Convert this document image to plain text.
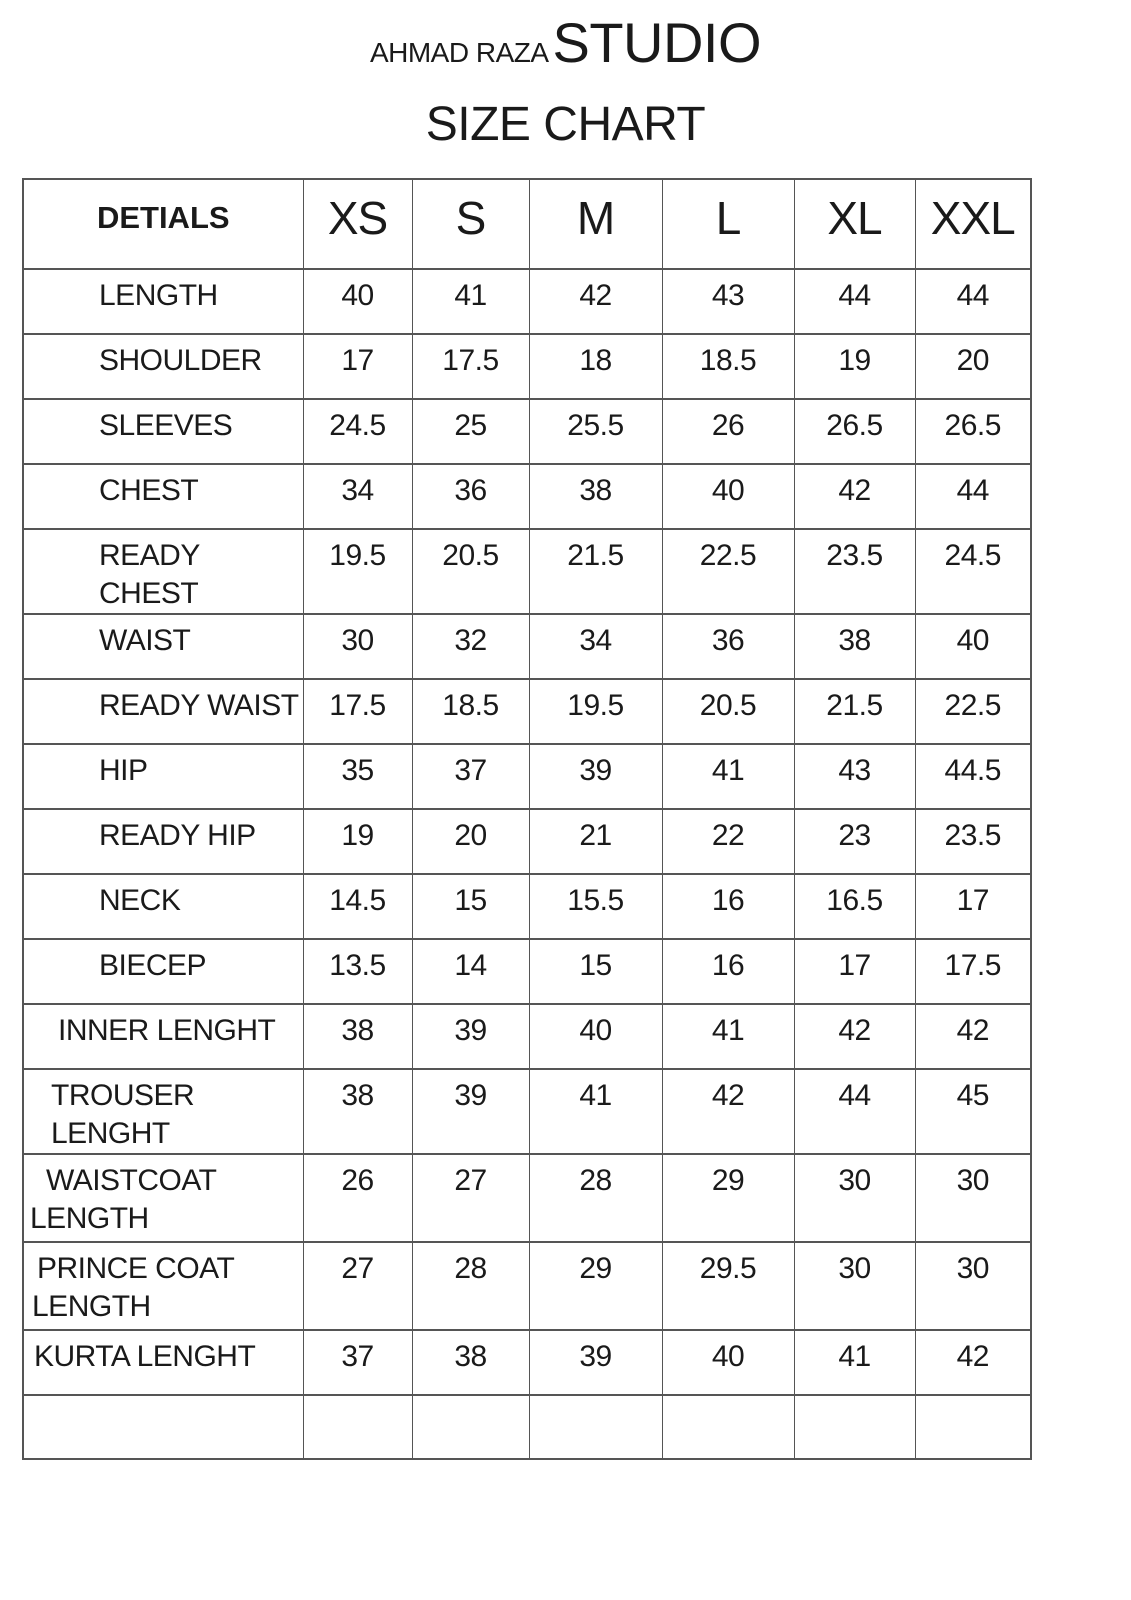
AHMAD RAZA STUDIO
SIZE CHART
DETIALS	XS	S	M	L	XL	XXL
LENGTH	40	41	42	43	44	44
SHOULDER	17	17.5	18	18.5	19	20
SLEEVES	24.5	25	25.5	26	26.5	26.5
CHEST	34	36	38	40	42	44
READY CHEST	19.5	20.5	21.5	22.5	23.5	24.5
WAIST	30	32	34	36	38	40
READY WAIST	17.5	18.5	19.5	20.5	21.5	22.5
HIP	35	37	39	41	43	44.5
READY HIP	19	20	21	22	23	23.5
NECK	14.5	15	15.5	16	16.5	17
BIECEP	13.5	14	15	16	17	17.5
INNER LENGHT	38	39	40	41	42	42
TROUSER LENGHT	38	39	41	42	44	45
WAISTCOAT LENGTH	26	27	28	29	30	30
PRINCE COAT LENGTH	27	28	29	29.5	30	30
KURTA LENGHT	37	38	39	40	41	42
